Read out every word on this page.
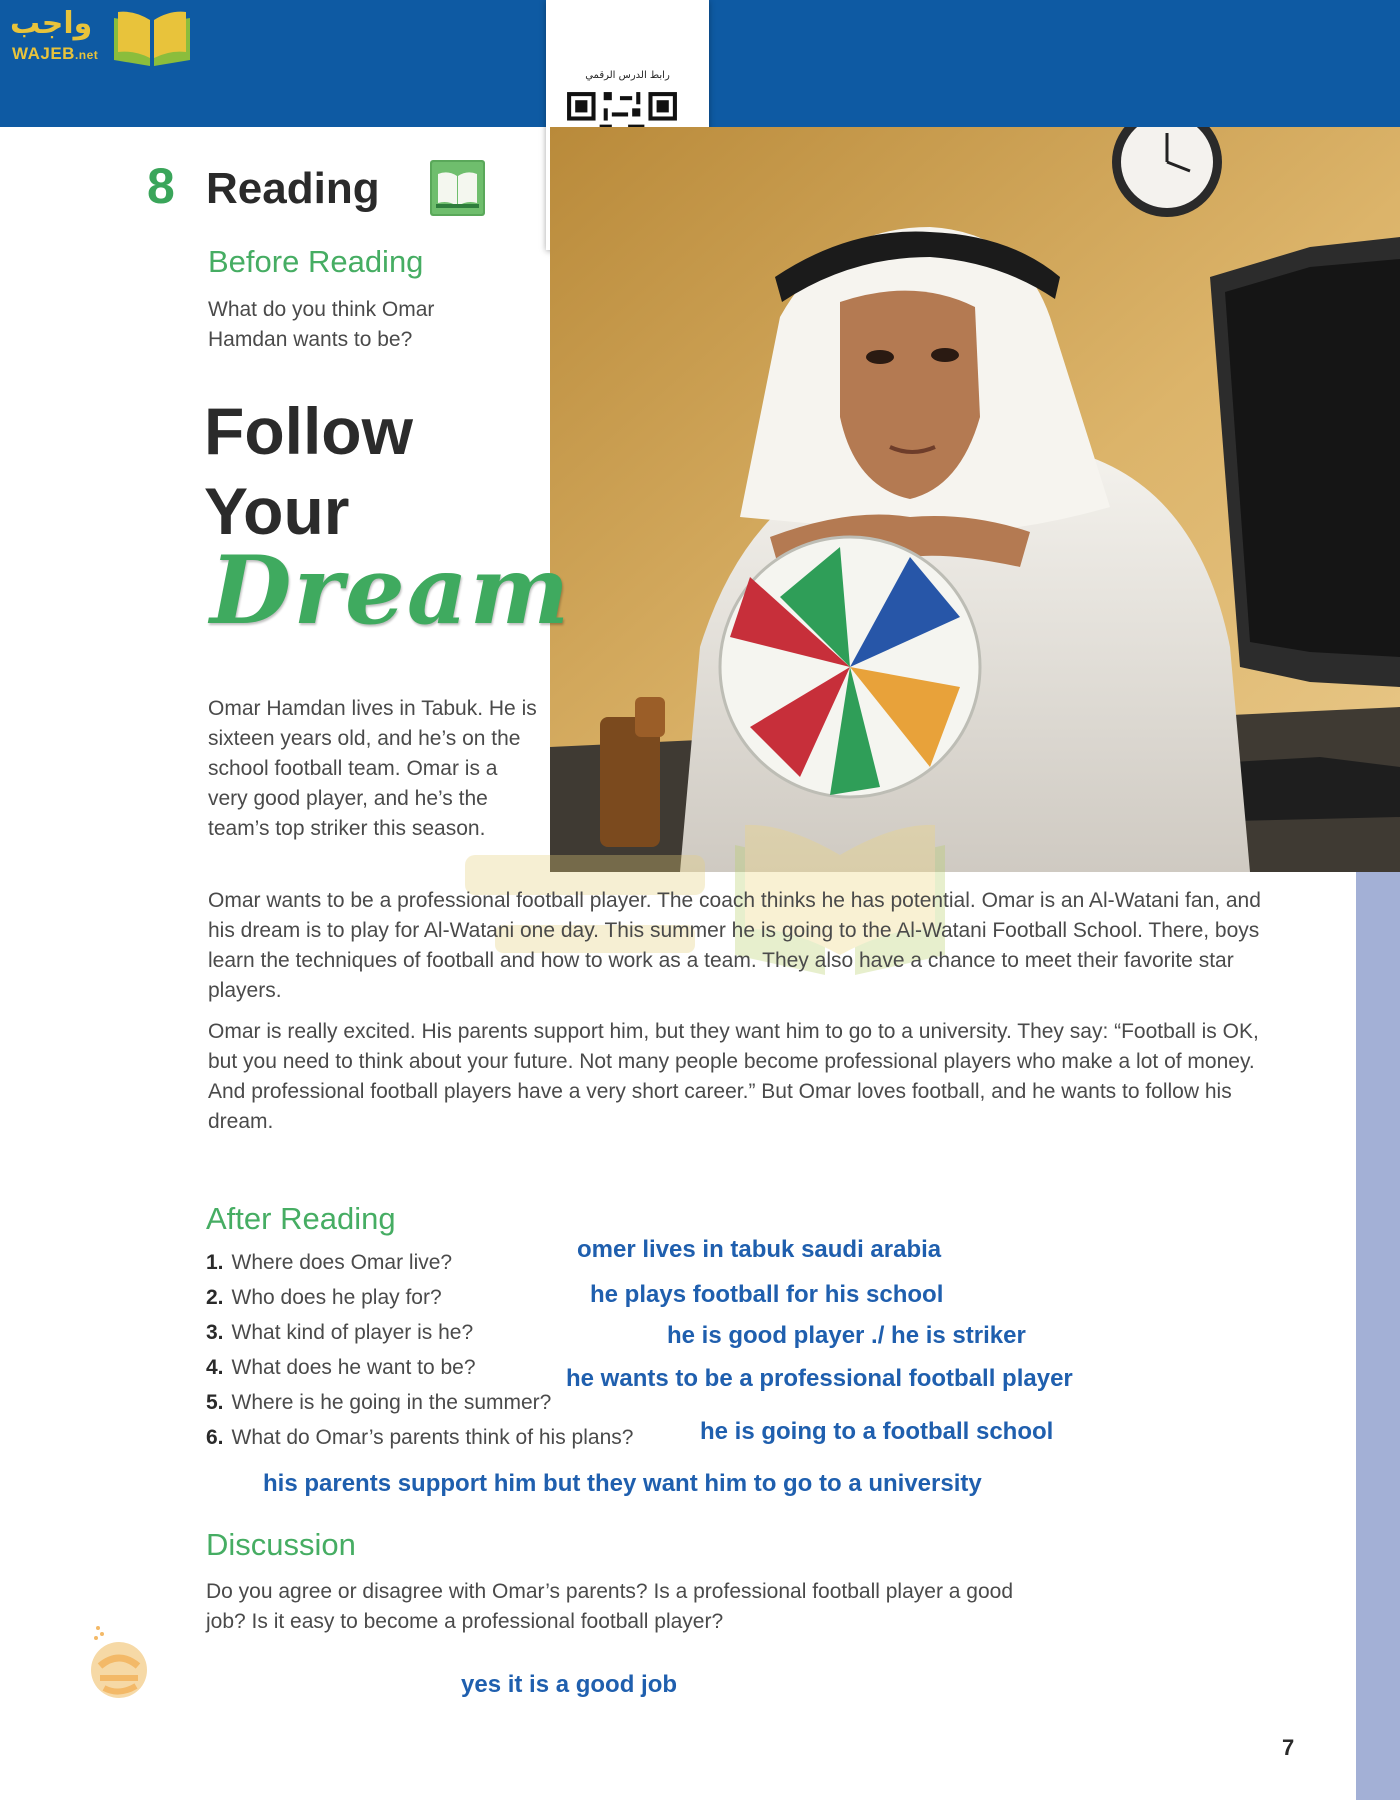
واجب
WAJEB.net
رابط الدرس الرقمي
8 Reading
Before Reading
What do you think Omar Hamdan wants to be?
Follow
Your
Dream
Omar Hamdan lives in Tabuk. He is sixteen years old, and he’s on the school football team. Omar is a very good player, and he’s the team’s top striker this season.
Omar wants to be a professional football player. The coach thinks he has potential. Omar is an Al-Watani fan, and his dream is to play for Al-Watani one day. This summer he is going to the Al-Watani Football School. There, boys learn the techniques of football and how to work as a team. They also have a chance to meet their favorite star players.
Omar is really excited. His parents support him, but they want him to go to a university. They say: “Football is OK, but you need to think about your future. Not many people become professional players who make a lot of money. And professional football players have a very short career.” But Omar loves football, and he wants to follow his dream.
After Reading
1. Where does Omar live?
2. Who does he play for?
3. What kind of player is he?
4. What does he want to be?
5. Where is he going in the summer?
6. What do Omar’s parents think of his plans?
omer lives in tabuk saudi arabia
he plays football for his school
he is good player ./ he is striker
he wants to be a professional football player
he is going to a football school
his parents support him but they want him to go to a university
Discussion
Do you agree or disagree with Omar’s parents? Is a professional football player a good job? Is it easy to become a professional football player?
yes it is a good job
7
